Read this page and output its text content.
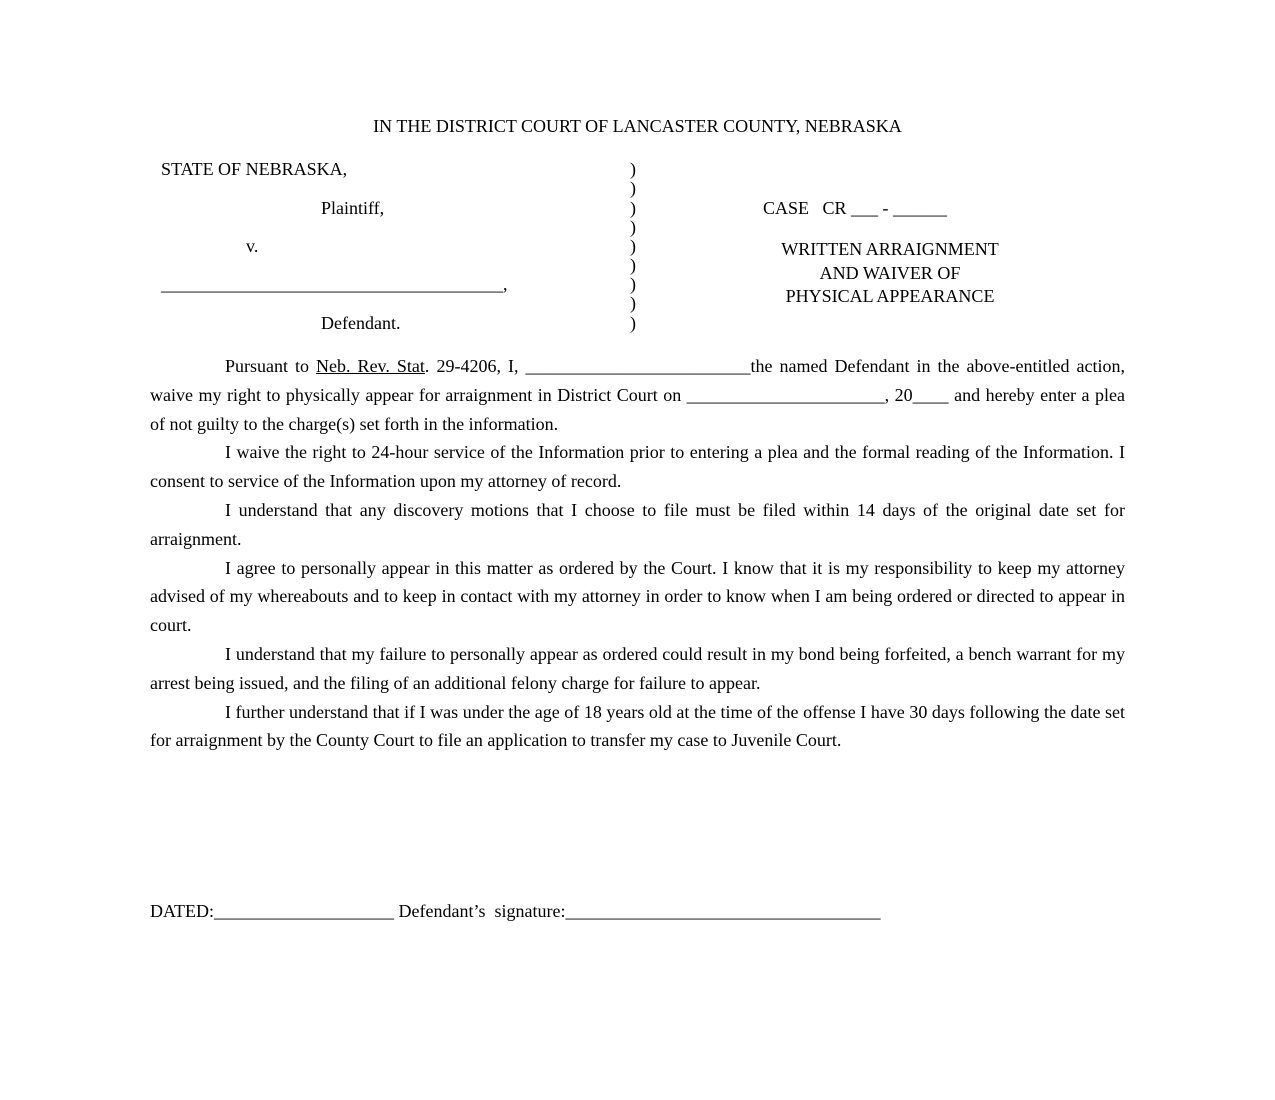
IN THE DISTRICT COURT OF LANCASTER COUNTY, NEBRASKA
STATE OF NEBRASKA,
Plaintiff,
v.
______________________________________,
Defendant.
)
)
)
)
)
)
)
)
)
CASE   CR ___ - ______
WRITTEN ARRAIGNMENT
AND WAIVER OF
PHYSICAL APPEARANCE

Pursuant to Neb. Rev. Stat. 29-4206, I, _________________________the named Defendant in the above-entitled action, waive my right to physically appear for arraignment in District Court on ______________________, 20____ and hereby enter a plea of not guilty to the charge(s) set forth in the information.

I waive the right to 24-hour service of the Information prior to entering a plea and the formal reading of the Information. I consent to service of the Information upon my attorney of record.

I understand that any discovery motions that I choose to file must be filed within 14 days of the original date set for arraignment.

I agree to personally appear in this matter as ordered by the Court. I know that it is my responsibility to keep my attorney advised of my whereabouts and to keep in contact with my attorney in order to know when I am being ordered or directed to appear in court.

I understand that my failure to personally appear as ordered could result in my bond being forfeited, a bench warrant for my arrest being issued, and the filing of an additional felony charge for failure to appear.

I further understand that if I was under the age of 18 years old at the time of the offense I have 30 days following the date set for arraignment by the County Court to file an application to transfer my case to Juvenile Court.

DATED:____________________ Defendant’s  signature:___________________________________
